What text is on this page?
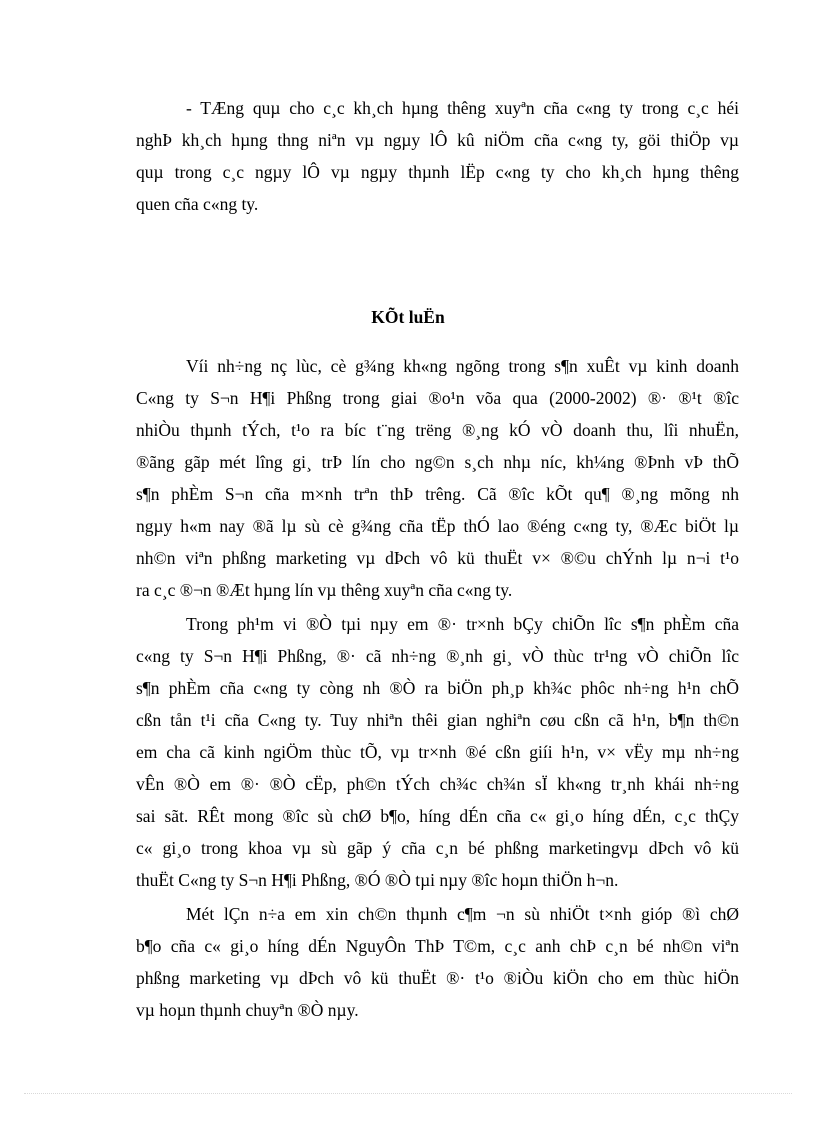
- TÆng quµ cho c¸c kh¸ch hµng thêng xuyªn cña c«ng ty trong c¸c héi
nghÞ kh¸ch hµng thng niªn vµ ngµy lÔ kû niÖm cña c«ng ty, göi thiÖp vµ
quµ trong c¸c ngµy lÔ vµ ngµy thµnh lËp c«ng ty cho kh¸ch hµng thêng
quen cña c«ng ty.
KÕt luËn
Víi nh÷ng nç lùc, cè g¾ng kh«ng ngõng trong s¶n xuÊt vµ kinh doanh
C«ng ty S¬n H¶i Phßng trong giai ®o¹n võa qua (2000-2002) ®· ®¹t ®îc
nhiÒu thµnh tÝch, t¹o ra bíc t¨ng trëng ®¸ng kÓ vÒ doanh thu, lîi nhuËn,
®ãng gãp mét lîng gi¸ trÞ lín cho ng©n s¸ch nhµ níc, kh¼ng ®Þnh vÞ thÕ
s¶n phÈm S¬n cña m×nh trªn thÞ trêng. Cã ®îc kÕt qu¶ ®¸ng mõng nh
ngµy h«m nay ®ã lµ sù cè g¾ng cña tËp thÓ lao ®éng c«ng ty, ®Æc biÖt lµ
nh©n viªn phßng marketing vµ dÞch vô kü thuËt v× ®©u chÝnh lµ n¬i t¹o
ra c¸c ®¬n ®Æt hµng lín vµ thêng xuyªn cña c«ng ty.
Trong ph¹m vi ®Ò tµi nµy em ®· tr×nh bÇy chiÕn lîc s¶n phÈm cña
c«ng ty S¬n H¶i Phßng, ®· cã nh÷ng ®¸nh gi¸ vÒ thùc tr¹ng vÒ chiÕn lîc
s¶n phÈm cña c«ng ty còng nh ®Ò ra biÖn ph¸p kh¾c phôc nh÷ng h¹n chÕ
cßn tån t¹i cña C«ng ty. Tuy nhiªn thêi gian nghiªn cøu cßn cã h¹n, b¶n th©n
em cha cã kinh ngiÖm thùc tÕ, vµ tr×nh ®é cßn giíi h¹n, v× vËy mµ nh÷ng
vÊn ®Ò em ®· ®Ò cËp, ph©n tÝch ch¾c ch¾n sÏ kh«ng tr¸nh khái nh÷ng
sai sãt. RÊt mong ®îc sù chØ b¶o, híng dÉn cña c« gi¸o híng dÉn, c¸c thÇy
c« gi¸o trong khoa vµ sù gãp ý cña c¸n bé phßng marketingvµ dÞch vô kü
thuËt C«ng ty S¬n H¶i Phßng, ®Ó ®Ò tµi nµy ®îc hoµn thiÖn h¬n.
Mét lÇn n÷a em xin ch©n thµnh c¶m ¬n sù nhiÖt t×nh gióp ®ì chØ
b¶o cña c« gi¸o híng dÉn NguyÔn ThÞ T©m, c¸c anh chÞ c¸n bé nh©n viªn
phßng marketing vµ dÞch vô kü thuËt ®· t¹o ®iÒu kiÖn cho em thùc hiÖn
vµ hoµn thµnh chuyªn ®Ò nµy.
